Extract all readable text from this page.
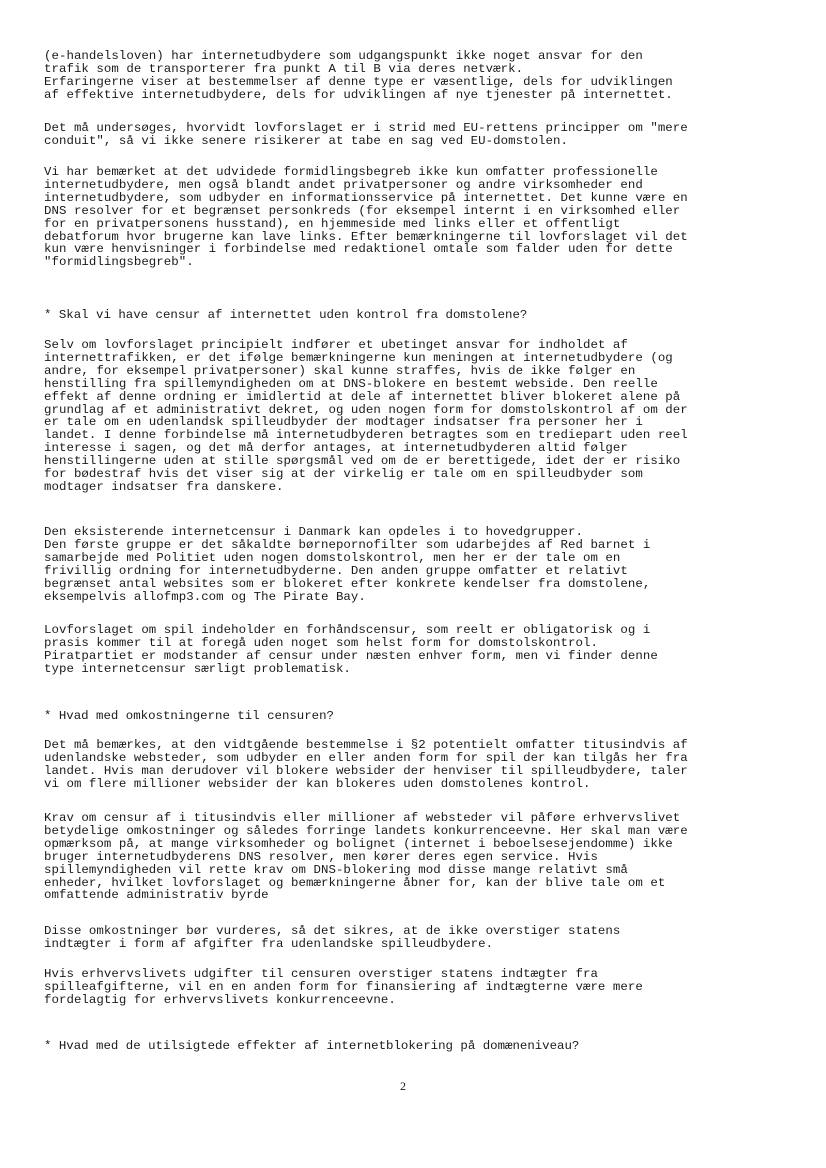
(e-handelsloven) har internetudbydere som udgangspunkt ikke noget ansvar for den
trafik som de transporterer fra punkt A til B via deres netværk.
Erfaringerne viser at bestemmelser af denne type er væsentlige, dels for udviklingen
af effektive internetudbydere, dels for udviklingen af nye tjenester på internettet.

Det må undersøges, hvorvidt lovforslaget er i strid med EU-rettens principper om "mere
conduit", så vi ikke senere risikerer at tabe en sag ved EU-domstolen.

Vi har bemærket at det udvidede formidlingsbegreb ikke kun omfatter professionelle
internetudbydere, men også blandt andet privatpersoner og andre virksomheder end
internetudbydere, som udbyder en informationsservice på internettet. Det kunne være en
DNS resolver for et begrænset personkreds (for eksempel internt i en virksomhed eller
for en privatpersonens husstand), en hjemmeside med links eller et offentligt
debatforum hvor brugerne kan lave links. Efter bemærkningerne til lovforslaget vil det
kun være henvisninger i forbindelse med redaktionel omtale som falder uden for dette
"formidlingsbegreb".

* Skal vi have censur af internettet uden kontrol fra domstolene?

Selv om lovforslaget principielt indfører et ubetinget ansvar for indholdet af
internettrafikken, er det ifølge bemærkningerne kun meningen at internetudbydere (og
andre, for eksempel privatpersoner) skal kunne straffes, hvis de ikke følger en
henstilling fra spillemyndigheden om at DNS-blokere en bestemt webside. Den reelle
effekt af denne ordning er imidlertid at dele af internettet bliver blokeret alene på
grundlag af et administrativt dekret, og uden nogen form for domstolskontrol af om der
er tale om en udenlandsk spilleudbyder der modtager indsatser fra personer her i
landet. I denne forbindelse må internetudbyderen betragtes som en trediepart uden reel
interesse i sagen, og det må derfor antages, at internetudbyderen altid følger
henstillingerne uden at stille spørgsmål ved om de er berettigede, idet der er risiko
for bødestraf hvis det viser sig at der virkelig er tale om en spilleudbyder som
modtager indsatser fra danskere.

Den eksisterende internetcensur i Danmark kan opdeles i to hovedgrupper.
Den første gruppe er det såkaldte børnepornofilter som udarbejdes af Red barnet i
samarbejde med Politiet uden nogen domstolskontrol, men her er der tale om en
frivillig ordning for internetudbyderne. Den anden gruppe omfatter et relativt
begrænset antal websites som er blokeret efter konkrete kendelser fra domstolene,
eksempelvis allofmp3.com og The Pirate Bay.

Lovforslaget om spil indeholder en forhåndscensur, som reelt er obligatorisk og i
prasis kommer til at foregå uden noget som helst form for domstolskontrol.
Piratpartiet er modstander af censur under næsten enhver form, men vi finder denne
type internetcensur særligt problematisk.

* Hvad med omkostningerne til censuren?

Det må bemærkes, at den vidtgående bestemmelse i §2 potentielt omfatter titusindvis af
udenlandske websteder, som udbyder en eller anden form for spil der kan tilgås her fra
landet. Hvis man derudover vil blokere websider der henviser til spilleudbydere, taler
vi om flere millioner websider der kan blokeres uden domstolenes kontrol.

Krav om censur af i titusindvis eller millioner af websteder vil påføre erhvervslivet
betydelige omkostninger og således forringe landets konkurrenceevne. Her skal man være
opmærksom på, at mange virksomheder og bolignet (internet i beboelsesejendomme) ikke
bruger internetudbyderens DNS resolver, men kører deres egen service. Hvis
spillemyndigheden vil rette krav om DNS-blokering mod disse mange relativt små
enheder, hvilket lovforslaget og bemærkningerne åbner for, kan der blive tale om et
omfattende administrativ byrde

Disse omkostninger bør vurderes, så det sikres, at de ikke overstiger statens
indtægter i form af afgifter fra udenlandske spilleudbydere.

Hvis erhvervslivets udgifter til censuren overstiger statens indtægter fra
spilleafgifterne, vil en en anden form for finansiering af indtægterne være mere
fordelagtig for erhvervslivets konkurrenceevne.

* Hvad med de utilsigtede effekter af internetblokering på domæneniveau?

2
